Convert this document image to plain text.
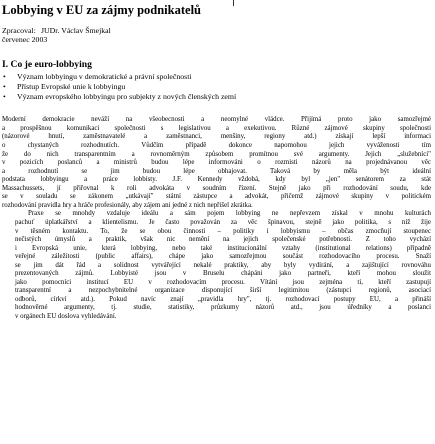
Lobbying v EU za zájmy podnikatelů
Zpracoval: JUDr. Václav Šmejkal
červenec 2003
I. Co je euro-lobbying
• Význam lobbyingu v demokratické a právní společnosti
• Přístup Evropské unie k lobbyingu
• Význam evropského lobbyingu pro subjekty z nových členských zemí
Moderní demokracie neváží na všeobecnosti a neomylné vládce. Přijímá proto jako samozřejmé
a prospěšnou komunikaci společnosti s legislativou a exekutivou. Různé zájmové skupiny společnosti
(názorové hnutí, zaměstnavatelé a zaměstnanci, menšiny, regiony atd.) získají lepší informaci
o chystaných rozhodnutích. Vůdčím případě dokonce napomohou jejich vyváženosti tím
že do nich transparentním a rovnoměrným způsobem promítnou své argumenty. Jejich „služebníci"
v pozicích poslanců a ministrů budou lépe informováni o rozmisti názorů na projednávanou věc
a rozhodnutí se jim budou lépe obhajovat. Taková by měla být ideální
podstata lobbyingu a práce lobbisty. J.F. Kennedy vždobá, kdy byl „jen" senátorem za stát
Massachussets, jí přiřovnal k roli advokáta v soudním řízení. Stejně jako při rozhodování soudu, kde
se v souladu se zákonem „utkávají" státní zástupce a advokát, přičemž zájmové skupiny v politickém
rozhodování pravidla hry a hráče profesionály, aby zájem ani jedné z nich nepřišel zkrátka.
Praxe se mnohdy vzdaluje ideálu a sám pojem lobbying ne nepřevzem získal v mnohu kulturách
pachuť úplatkářství a klientelismu. Je často považován za věc špinavou, stejně jako politika, s níž žije
v těsném kontaktu. To, že se obou činnosti – politiky i lobbyismu – občas zmocňují stoupenec
nečistých úmyslů a praktik, však nic nemění na jejich společenské potřebnosti. Z toho vychází
i Evropská unie, která lobbying, nebo také institucionální vztahy (institutional relations) případně
veřejné záležitosti (public affairs), chápe jako samozřejmou součást rozhodovacího procesu. Snaží
se jim dát řád a solidnost vytvářející nekalé praktiky, aby byly vydírání, a zajištující rovnováhu
prezentovaných zájmů. Lobbyisté jsou v Bruselu chápáni jako partneři, kteří mohou sloužit
jako pomocníci institucí EU v rozhodovacím procesu. Vítání jsou zejména ti, kteří zastupují
transparentní a nezpochybnitelné organizace disponující širší legitimitou (zástupci regionů, asociací
odborů, církví atd.). Pokud navíc znají „pravidla hry", tj. rozhodovací postupy EU, a přináší
hodnověrné argumenty, tj. studie, statistiky, průzkumy názorů atd., jsou úředníky a poslanci
v orgánech EU doslova vyhledávání.
